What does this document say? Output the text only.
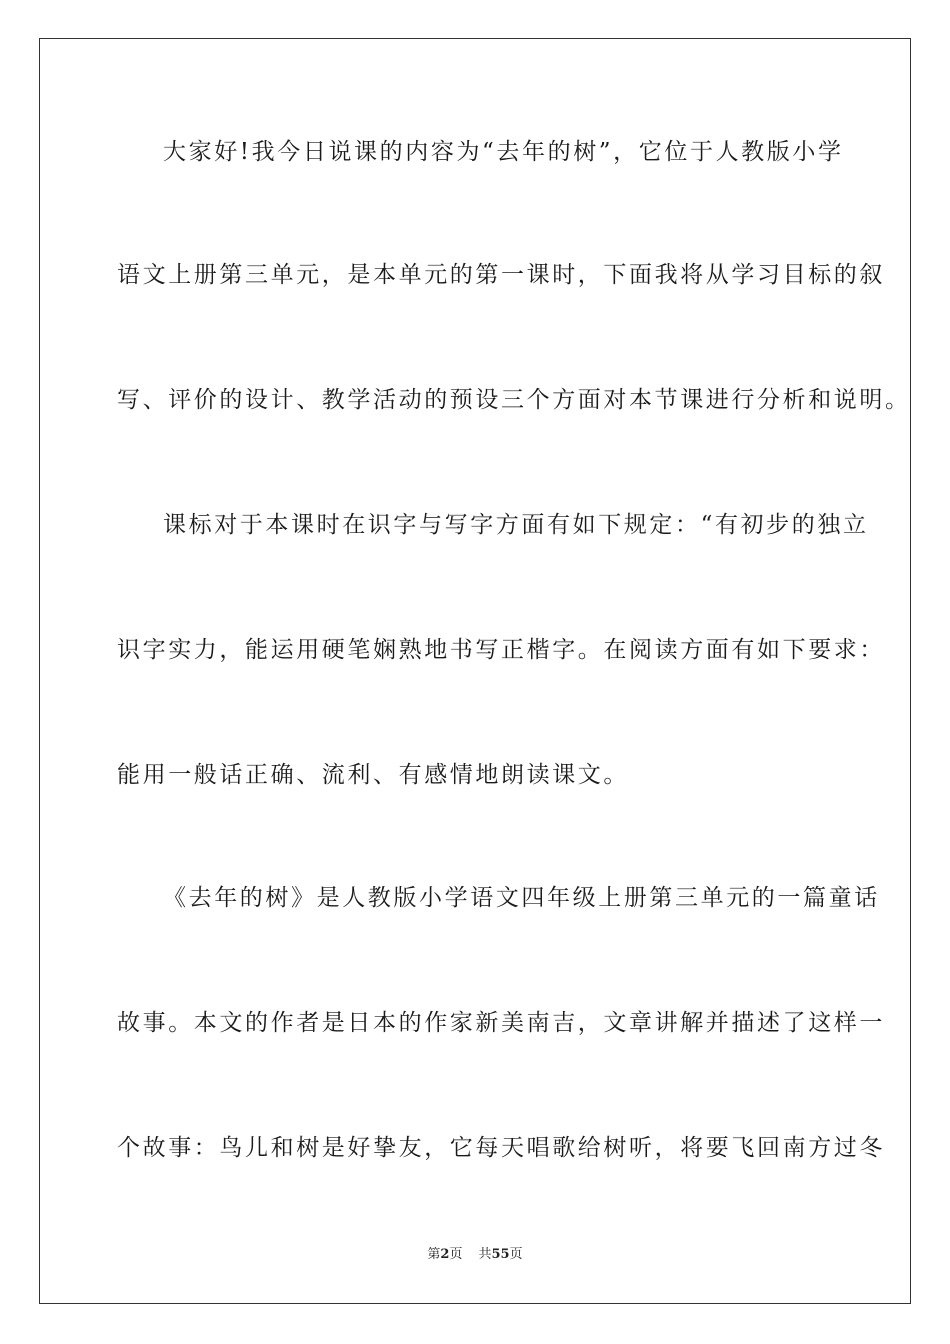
大家好!我今日说课的内容为“去年的树”，它位于人教版小学
语文上册第三单元，是本单元的第一课时，下面我将从学习目标的叙
写、评价的设计、教学活动的预设三个方面对本节课进行分析和说明。
课标对于本课时在识字与写字方面有如下规定：“有初步的独立
识字实力，能运用硬笔娴熟地书写正楷字。在阅读方面有如下要求：
能用一般话正确、流利、有感情地朗读课文。
《去年的树》是人教版小学语文四年级上册第三单元的一篇童话
故事。本文的作者是日本的作家新美南吉，文章讲解并描述了这样一
个故事：鸟儿和树是好挚友，它每天唱歌给树听，将要飞回南方过冬
第2页 共55页
